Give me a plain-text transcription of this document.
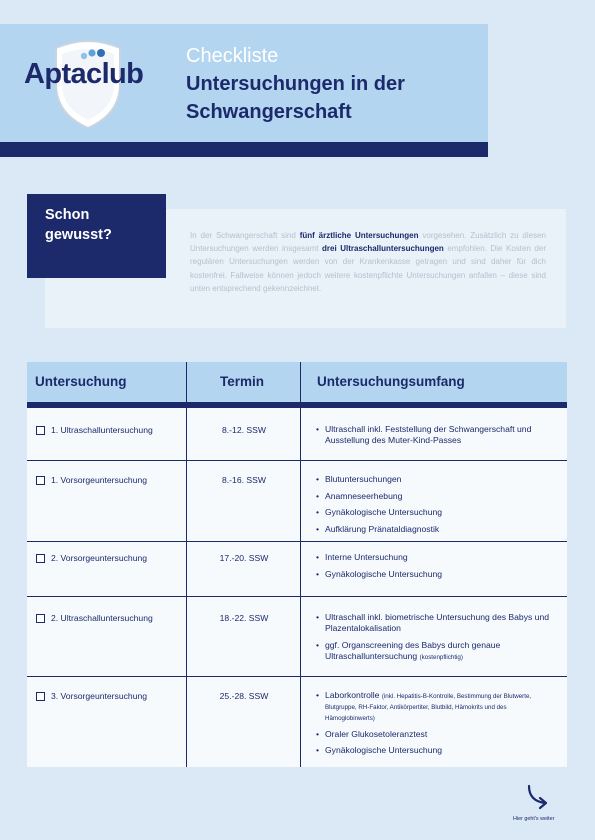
Aptaclub
Checkliste
Untersuchungen in der Schwangerschaft
In der Schwangerschaft sind fünf ärztliche Untersuchungen vorgesehen. Zusätzlich zu diesen Untersuchungen werden insgesamt drei Ultraschalluntersuchungen empfohlen. Die Kosten der regulären Untersuchungen werden von der Krankenkasse getragen und sind daher für dich kostenfrei. Fallweise können jedoch weitere kostenpflichte Untersuchungen anfallen – diese sind unten entsprechend gekennzeichnet.
Schon gewusst?
Untersuchung	Termin	Untersuchungsumfang
1. Ultraschalluntersuchung	8.-12. SSW	• Ultraschall inkl. Feststellung der Schwangerschaft und Ausstellung des Muter-Kind-Passes
1. Vorsorgeuntersuchung	8.-16. SSW	• Blutuntersuchungen
• Anamneseerhebung
• Gynäkologische Untersuchung
• Aufklärung Pränataldiagnostik
2. Vorsorgeuntersuchung	17.-20. SSW	• Interne Untersuchung
• Gynäkologische Untersuchung
2. Ultraschalluntersuchung	18.-22. SSW	• Ultraschall inkl. biometrische Untersuchung des Babys und Plazentalokalisation
• ggf. Organscreening des Babys durch genaue Ultraschalluntersuchung (kostenpflichtig)
3. Vorsorgeuntersuchung	25.-28. SSW	• Laborkontrolle (inkl. Hepatitis-B-Kontrolle, Bestimmung der Blutwerte, Blutgruppe, RH-Faktor, Antikörpertiter, Blutbild, Hämokrits und des Hämoglobinwerts)
• Oraler Glukosetoleranztest
• Gynäkologische Untersuchung
Hier geht's weiter
